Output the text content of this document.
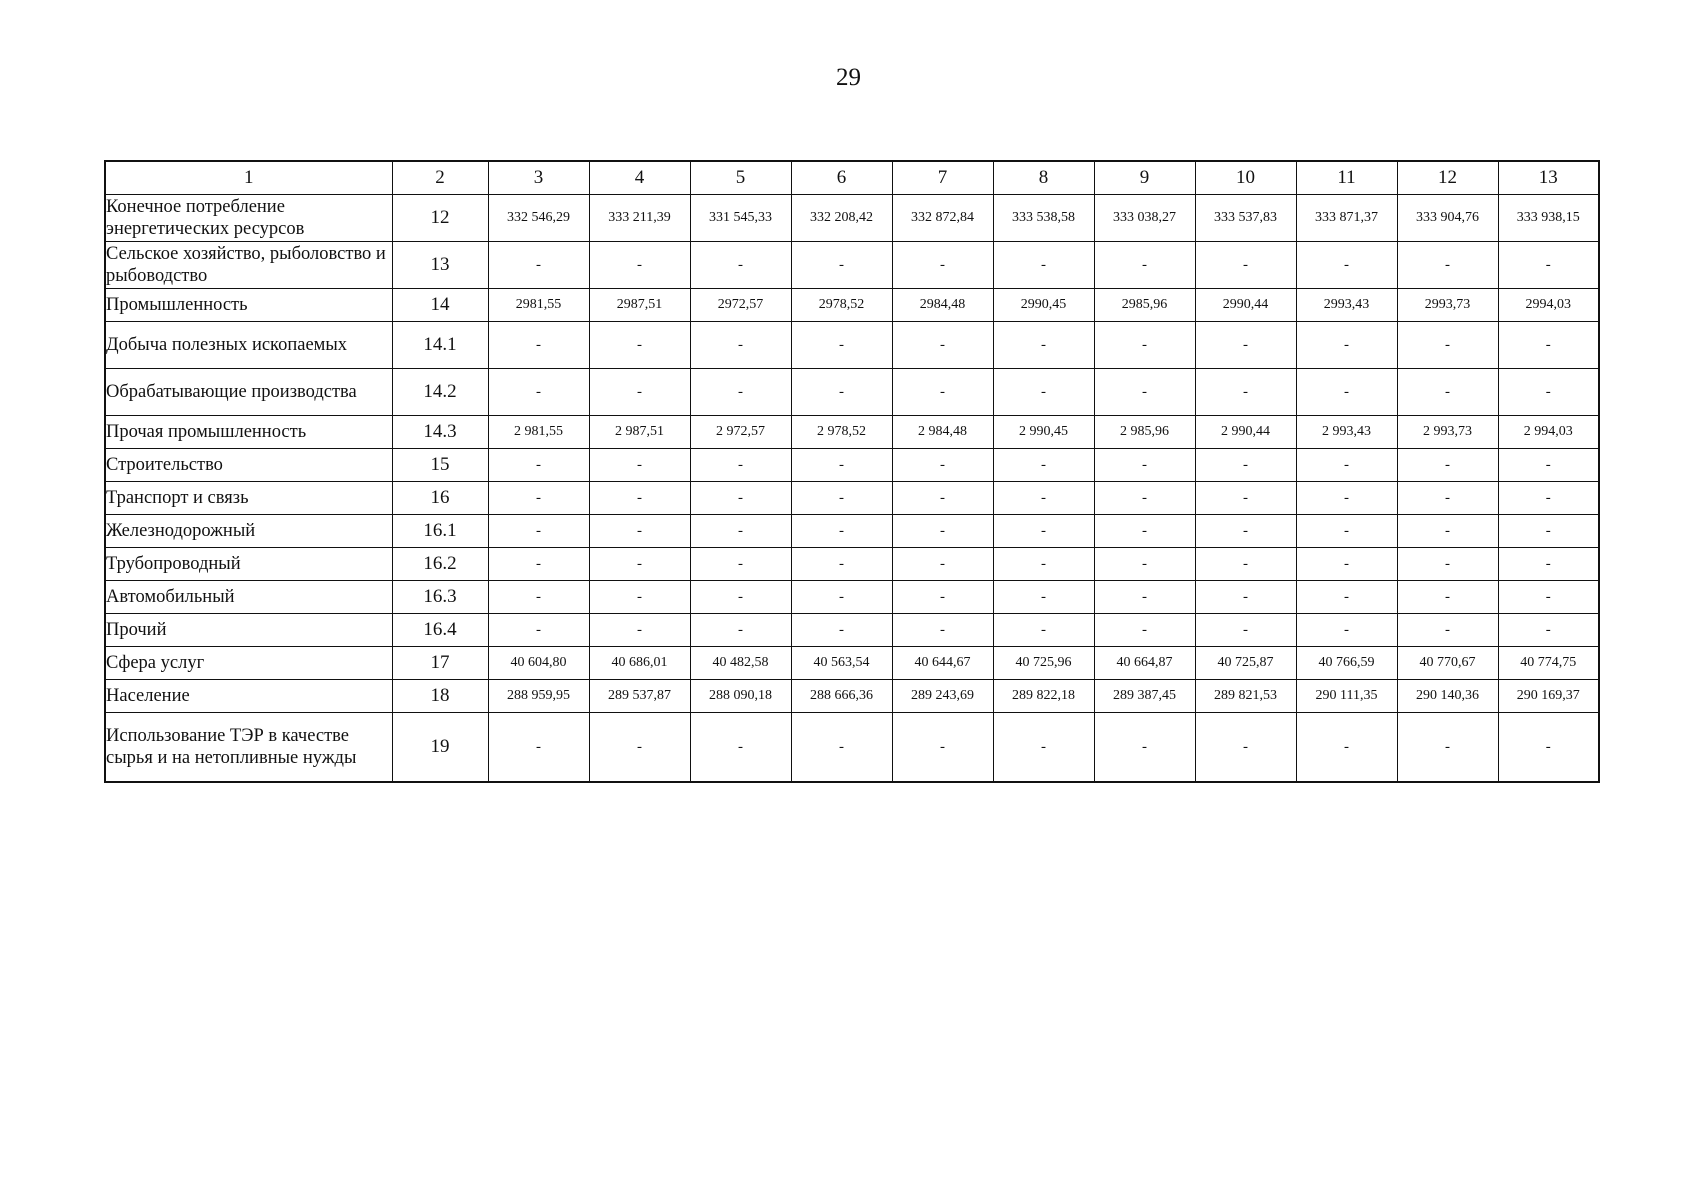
29
1	2	3	4	5	6	7	8	9	10	11	12	13
Конечное потребление энергетических ресурсов	12	332 546,29	333 211,39	331 545,33	332 208,42	332 872,84	333 538,58	333 038,27	333 537,83	333 871,37	333 904,76	333 938,15
Сельское хозяйство, рыболовство и рыбоводство	13	-	-	-	-	-	-	-	-	-	-	-
Промышленность	14	2981,55	2987,51	2972,57	2978,52	2984,48	2990,45	2985,96	2990,44	2993,43	2993,73	2994,03
Добыча полезных ископаемых	14.1	-	-	-	-	-	-	-	-	-	-	-
Обрабатывающие производства	14.2	-	-	-	-	-	-	-	-	-	-	-
Прочая промышленность	14.3	2 981,55	2 987,51	2 972,57	2 978,52	2 984,48	2 990,45	2 985,96	2 990,44	2 993,43	2 993,73	2 994,03
Строительство	15	-	-	-	-	-	-	-	-	-	-	-
Транспорт и связь	16	-	-	-	-	-	-	-	-	-	-	-
Железнодорожный	16.1	-	-	-	-	-	-	-	-	-	-	-
Трубопроводный	16.2	-	-	-	-	-	-	-	-	-	-	-
Автомобильный	16.3	-	-	-	-	-	-	-	-	-	-	-
Прочий	16.4	-	-	-	-	-	-	-	-	-	-	-
Сфера услуг	17	40 604,80	40 686,01	40 482,58	40 563,54	40 644,67	40 725,96	40 664,87	40 725,87	40 766,59	40 770,67	40 774,75
Население	18	288 959,95	289 537,87	288 090,18	288 666,36	289 243,69	289 822,18	289 387,45	289 821,53	290 111,35	290 140,36	290 169,37
Использование ТЭР в качестве сырья и на нетопливные нужды	19	-	-	-	-	-	-	-	-	-	-	-
